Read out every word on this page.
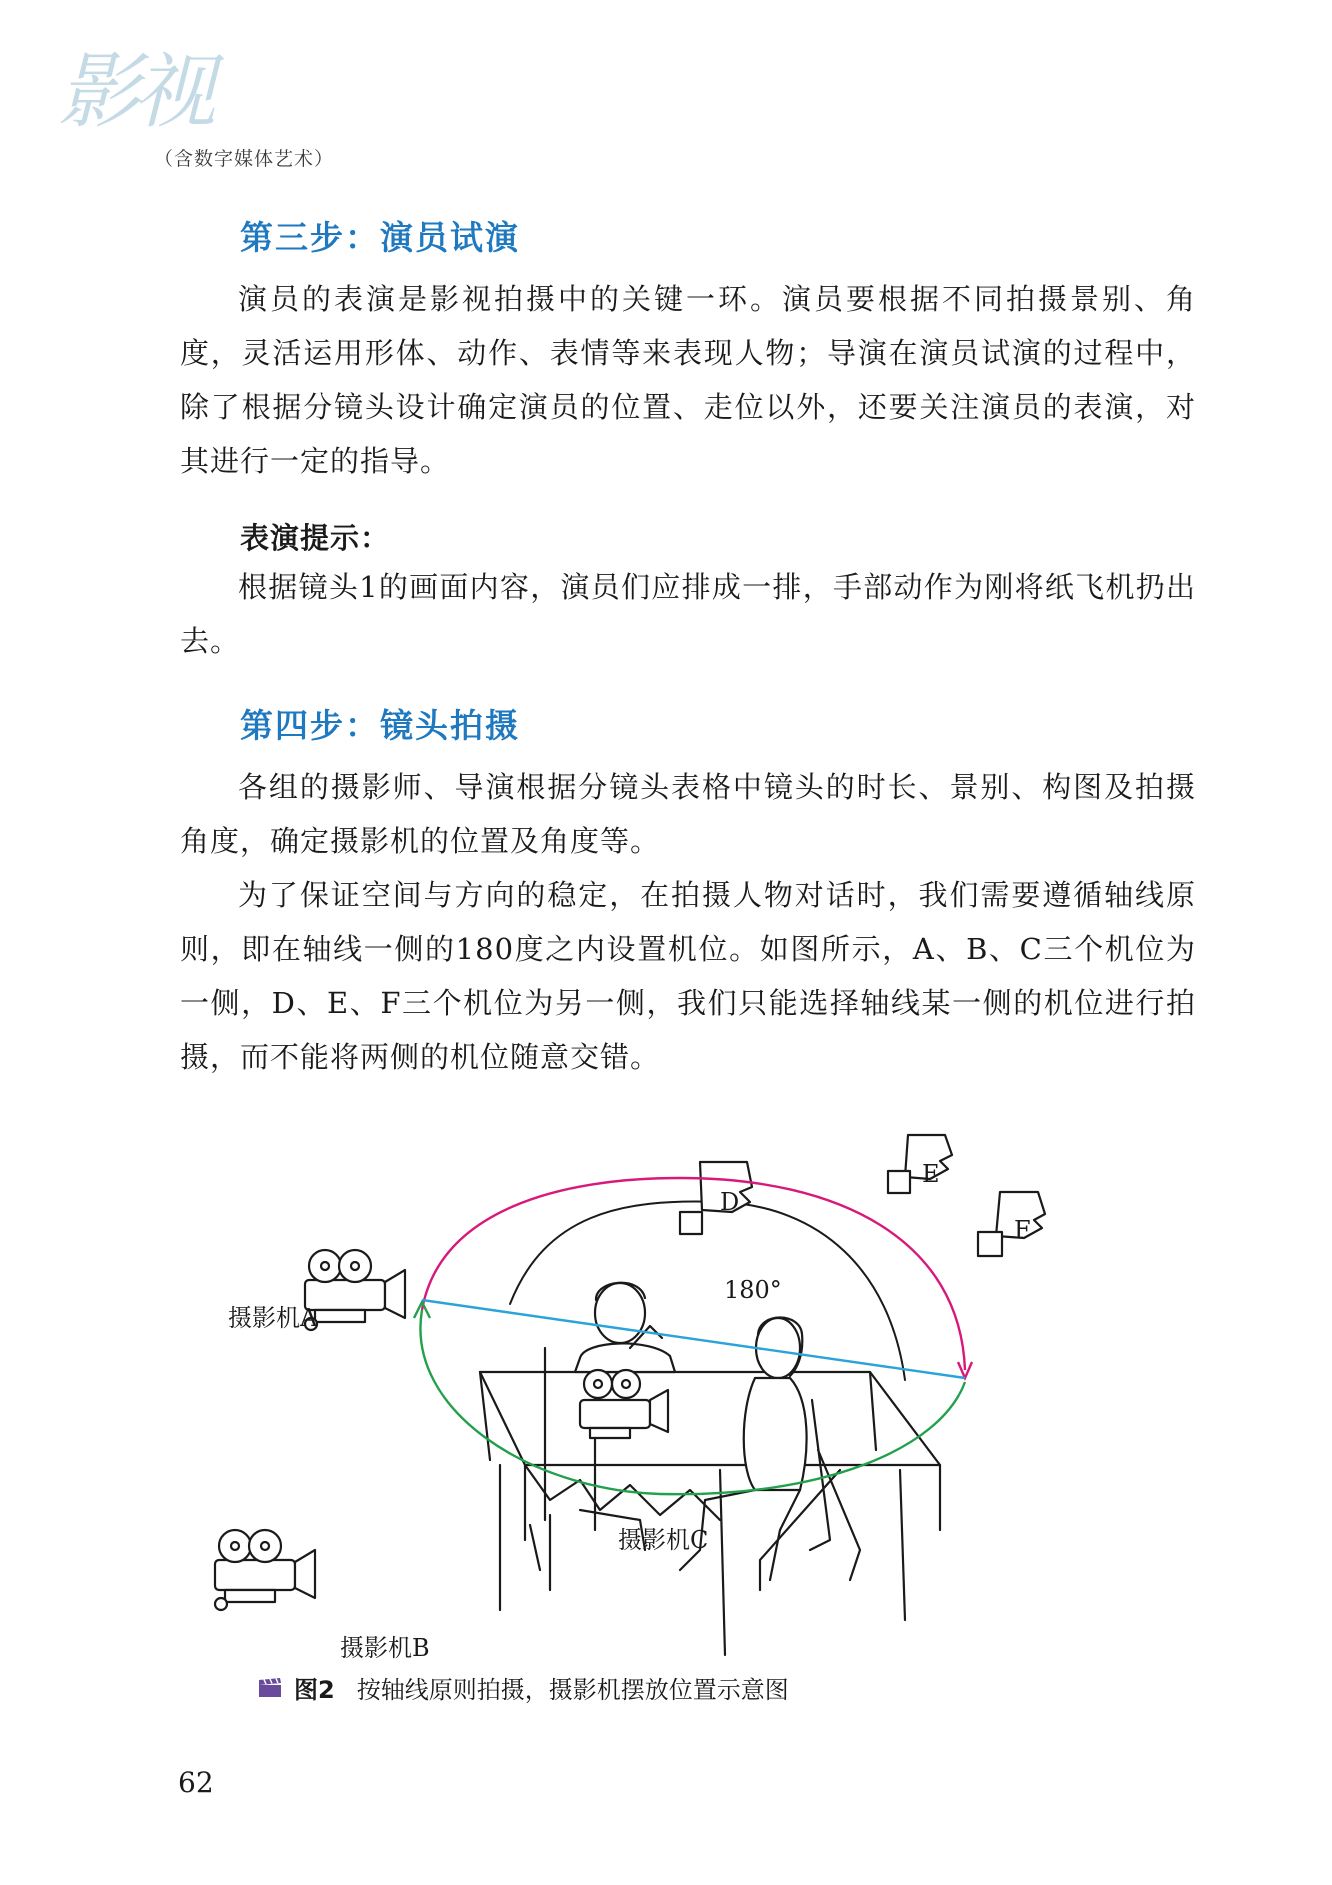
影视
（含数字媒体艺术）
第三步：演员试演

演员的表演是影视拍摄中的关键一环。演员要根据不同拍摄景别、角度，灵活运用形体、动作、表情等来表现人物；导演在演员试演的过程中，除了根据分镜头设计确定演员的位置、走位以外，还要关注演员的表演，对其进行一定的指导。

表演提示：

根据镜头1的画面内容，演员们应排成一排，手部动作为刚将纸飞机扔出去。

第四步：镜头拍摄

各组的摄影师、导演根据分镜头表格中镜头的时长、景别、构图及拍摄角度，确定摄影机的位置及角度等。

为了保证空间与方向的稳定，在拍摄人物对话时，我们需要遵循轴线原则，即在轴线一侧的180度之内设置机位。如图所示，A、B、C三个机位为一侧，D、E、F三个机位为另一侧，我们只能选择轴线某一侧的机位进行拍摄，而不能将两侧的机位随意交错。

摄影机A
摄影机B
摄影机C
D
E
F
180°
图2 按轴线原则拍摄，摄影机摆放位置示意图
62
